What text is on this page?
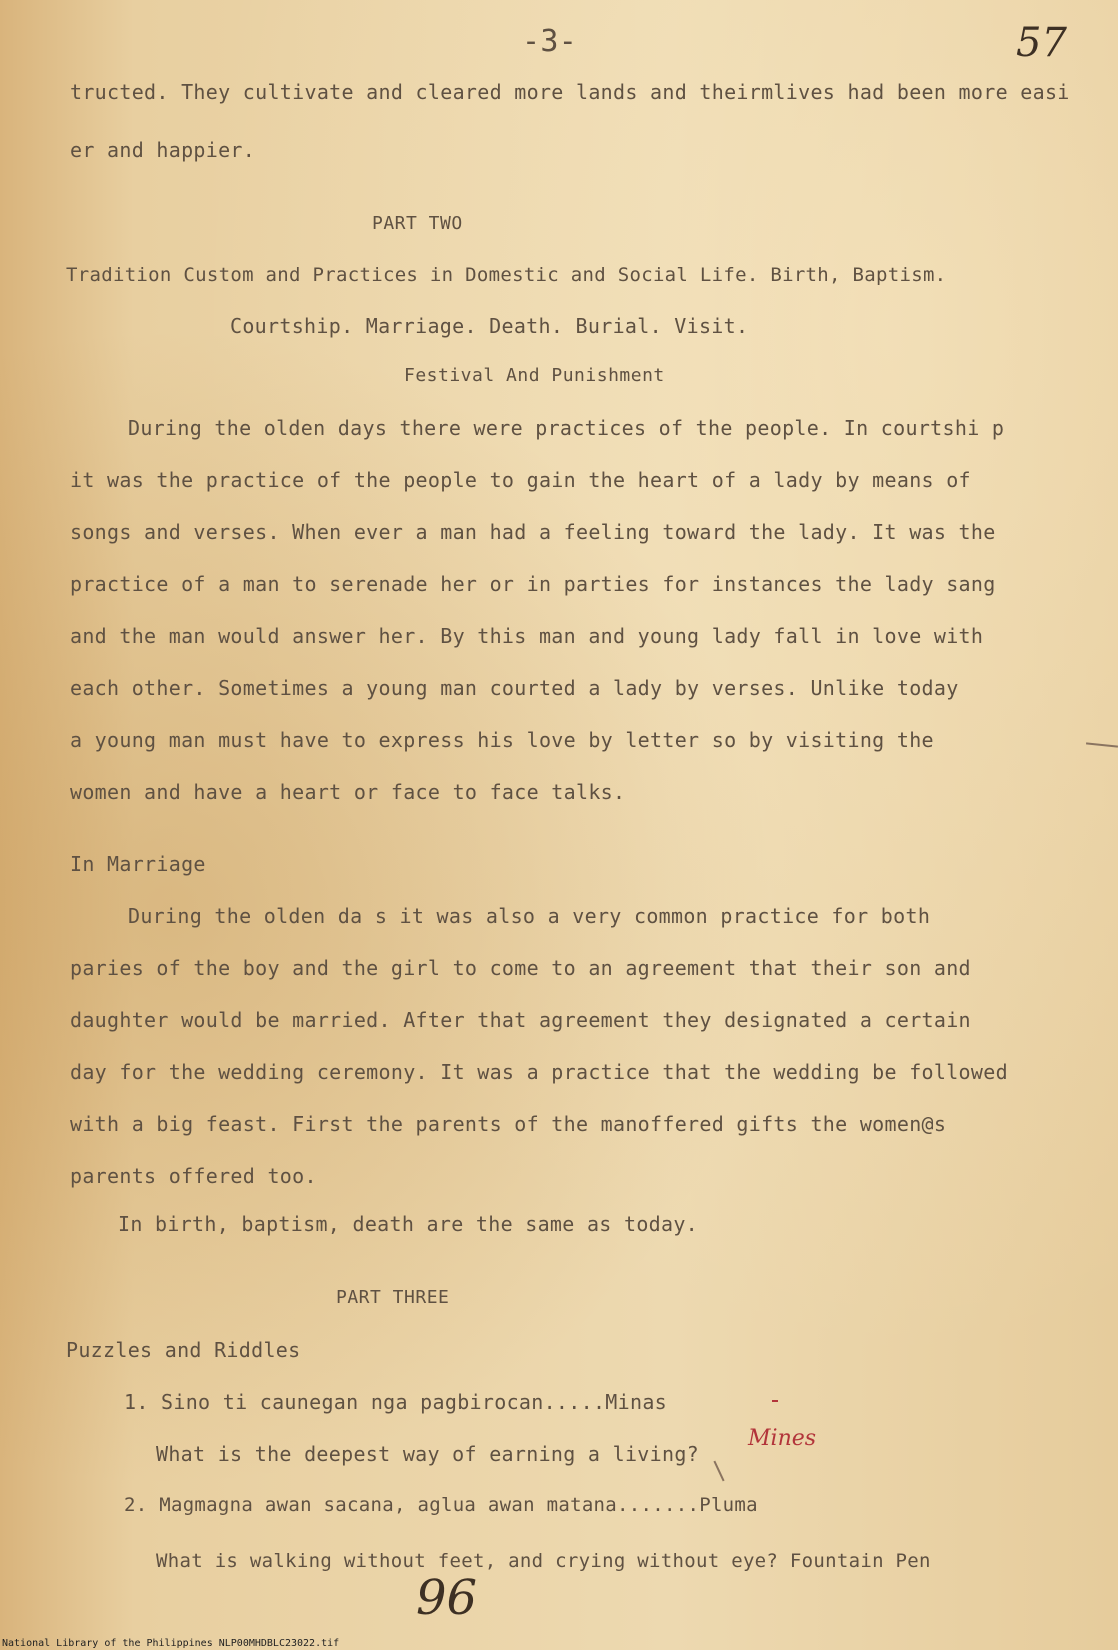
-3-	57
tructed. They cultivate and cleared more lands and theirmlives had been more easi
er and happier.
PART TWO
Tradition Custom and Practices in Domestic and Social Life. Birth, Baptism.
Courtship. Marriage. Death. Burial. Visit.
Festival And Punishment
During the olden days there were practices of the people. In courtshi p
it was the practice of the people to gain the heart of a lady by means of
songs and verses. When ever a man had a feeling toward the lady. It was the
practice of a man to serenade her or in parties for instances the lady sang
and the man would answer her. By this man and young lady fall in love with
each other. Sometimes a young man courted a lady by verses. Unlike today
a young man must have to express his love by letter so by visiting the
women and have a heart or face to face talks.
In Marriage
During the olden da s it was also a very common practice for both
paries of the boy and the girl to come to an agreement that their son and
daughter would be married. After that agreement they designated a certain
day for the wedding ceremony. It was a practice that the wedding be followed
with a big feast. First the parents of the manoffered gifts the women@s
parents offered too.
In birth, baptism, death are the same as today.
PART THREE
Puzzles and Riddles
1. Sino ti caunegan nga pagbirocan.....Minas
What is the deepest way of earning a living?
Mines
2. Magmagna awan sacana, aglua awan matana.......Pluma
What is walking without feet, and crying without eye? Fountain Pen
96
National Library of the Philippines NLP00MHDBLC23022.tif
